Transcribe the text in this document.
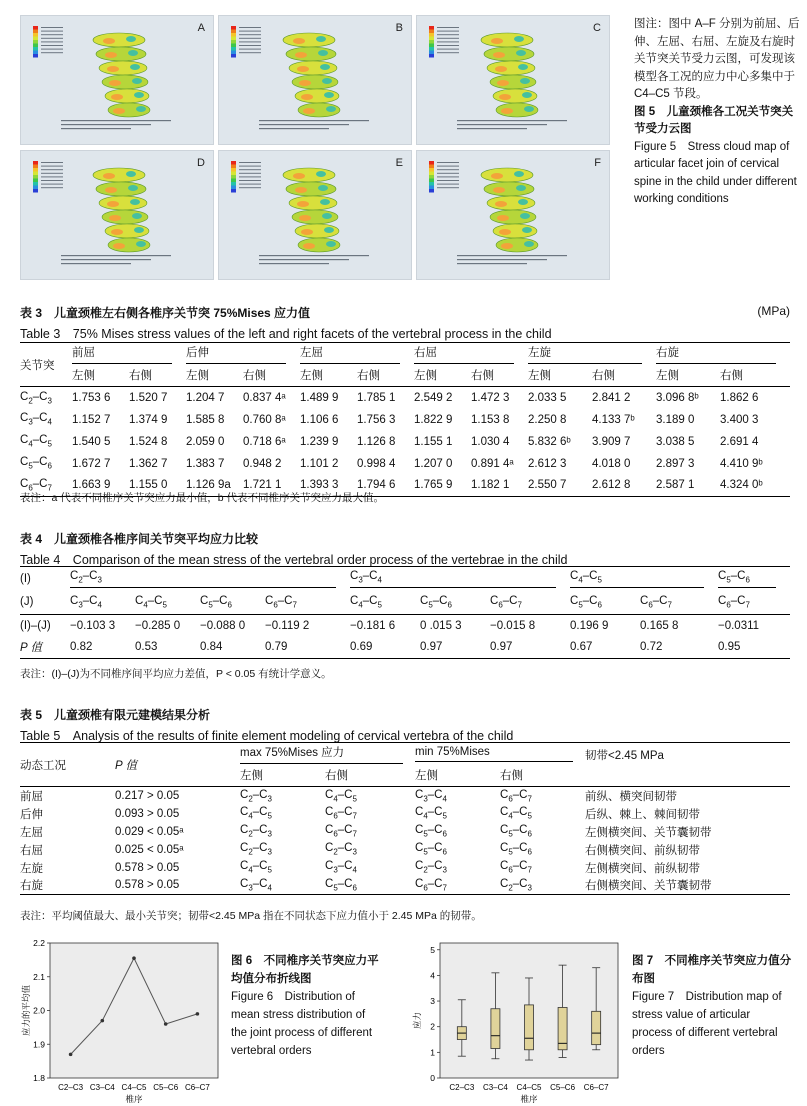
A	B	C
D	E	F
图注：图中 A–F 分别为前屈、后伸、左屈、右屈、左旋及右旋时关节突关节受力云图，可发现该模型各工况的应力中心多集中于 C4–C5 节段。
图 5　儿童颈椎各工况关节突关节受力云图
Figure 5　Stress cloud map of articular facet join of cervical spine in the child under different working conditions
表 3　儿童颈椎左右侧各椎序关节突 75%Mises 应力值	(MPa)
Table 3　75% Mises stress values of the left and right facets of the vertebral process in the child
关节突	前屈		后伸		左屈		右屈		左旋		右旋	

	左侧	右侧	左侧	右侧	左侧	右侧	左侧	右侧	左侧	右侧	左侧	右侧
$C_2-C_3$	1.753 6	1.520 7	1.204 7	0.837 4ᵃ	1.489 9	1.785 1	2.549 2	1.472 3	2.033 5	2.841 2	3.096 8ᵇ	1.862 6
$C_3-C_4$	1.152 7	1.374 9	1.585 8	0.760 8ᵃ	1.106 6	1.756 3	1.822 9	1.153 8	2.250 8	4.133 7ᵇ	3.189 0	3.400 3
$C_4-C_5$	1.540 5	1.524 8	2.059 0	0.718 6ᵃ	1.239 9	1.126 8	1.155 1	1.030 4	5.832 6ᵇ	3.909 7	3.038 5	2.691 4
$C_5-C_6$	1.672 7	1.362 7	1.383 7	0.948 2	1.101 2	0.998 4	1.207 0	0.891 4ᵃ	2.612 3	4.018 0	2.897 3	4.410 9ᵇ
$C_6-C_7$	1.663 9	1.155 0	1.126 9a	1.721 1	1.393 3	1.794 6	1.765 9	1.182 1	2.550 7	2.612 8	2.587 1	4.324 0ᵇ
表注：a 代表不同椎序关节突应力最小值，b 代表不同椎序关节突应力最大值。
表 4　儿童颈椎各椎序间关节突平均应力比较
Table 4　Comparison of the mean stress of the vertebral order process of the vertebrae in the child
(I)	$C_2-C_3$				$C_3-C_4$			$C_4-C_5$		$C_5-C_6$

(J)	$C_3-C_4$	$C_4-C_5$	$C_5-C_6$	$C_6-C_7$	$C_4-C_5$	$C_5-C_6$	$C_6-C_7$	$C_5-C_6$	$C_6-C_7$	$C_6-C_7$
(I)–(J)	−0.103 3	−0.285 0	−0.088 0	−0.119 2	−0.181 6	0 .015 3	−0.015 8	0.196 9	0.165 8	−0.0311
P 值	0.82	0.53	0.84	0.79	0.69	0.97	0.97	0.67	0.72	0.95
表注：(I)–(J)为不同椎序间平均应力差值，P < 0.05 有统计学意义。
表 5　儿童颈椎有限元建模结果分析
Table 5　Analysis of the results of finite element modeling of cervical vertebra of the child
动态工况	P 值	max 75%Mises 应力		min 75%Mises		韧带<2.45 MPa
		左侧	右侧	左侧	右侧	
前屈	0.217 > 0.05	$C_2-C_3$	$C_4-C_5$	$C_3-C_4$	$C_6-C_7$	前纵、横突间韧带
后伸	0.093 > 0.05	$C_4-C_5$	$C_6-C_7$	$C_4-C_5$	$C_4-C_5$	后纵、棘上、棘间韧带
左屈	0.029 < 0.05ᵃ	$C_2-C_3$	$C_6-C_7$	$C_5-C_6$	$C_5-C_6$	左侧横突间、关节囊韧带
右屈	0.025 < 0.05ᵃ	$C_2-C_3$	$C_2-C_3$	$C_5-C_6$	$C_5-C_6$	右侧横突间、前纵韧带
左旋	0.578 > 0.05	$C_4-C_5$	$C_3-C_4$	$C_2-C_3$	$C_6-C_7$	左侧横突间、前纵韧带
右旋	0.578 > 0.05	$C_3-C_4$	$C_5-C_6$	$C_6-C_7$	$C_2-C_3$	右侧横突间、关节囊韧带
表注：平均阈值最大、最小关节突；韧带<2.45 MPa 指在不同状态下应力值小于 2.45 MPa 的韧带。
1.8
1.9
2.0
2.1
2.2
C2–C3 C3–C4 C4–C5 C5–C6 C6–C7
椎序
应力的平均值
图 6　不同椎序关节突应力平均值分布折线图
Figure 6　Distribution of mean stress distribution of the joint process of different vertebral orders
0
1
2
3
4
5
C2–C3 C3–C4 C4–C5 C5–C6 C6–C7
椎序
应力
图 7　不同椎序关节突应力值分布图
Figure 7　Distribution map of stress value of articular process of different vertebral orders
